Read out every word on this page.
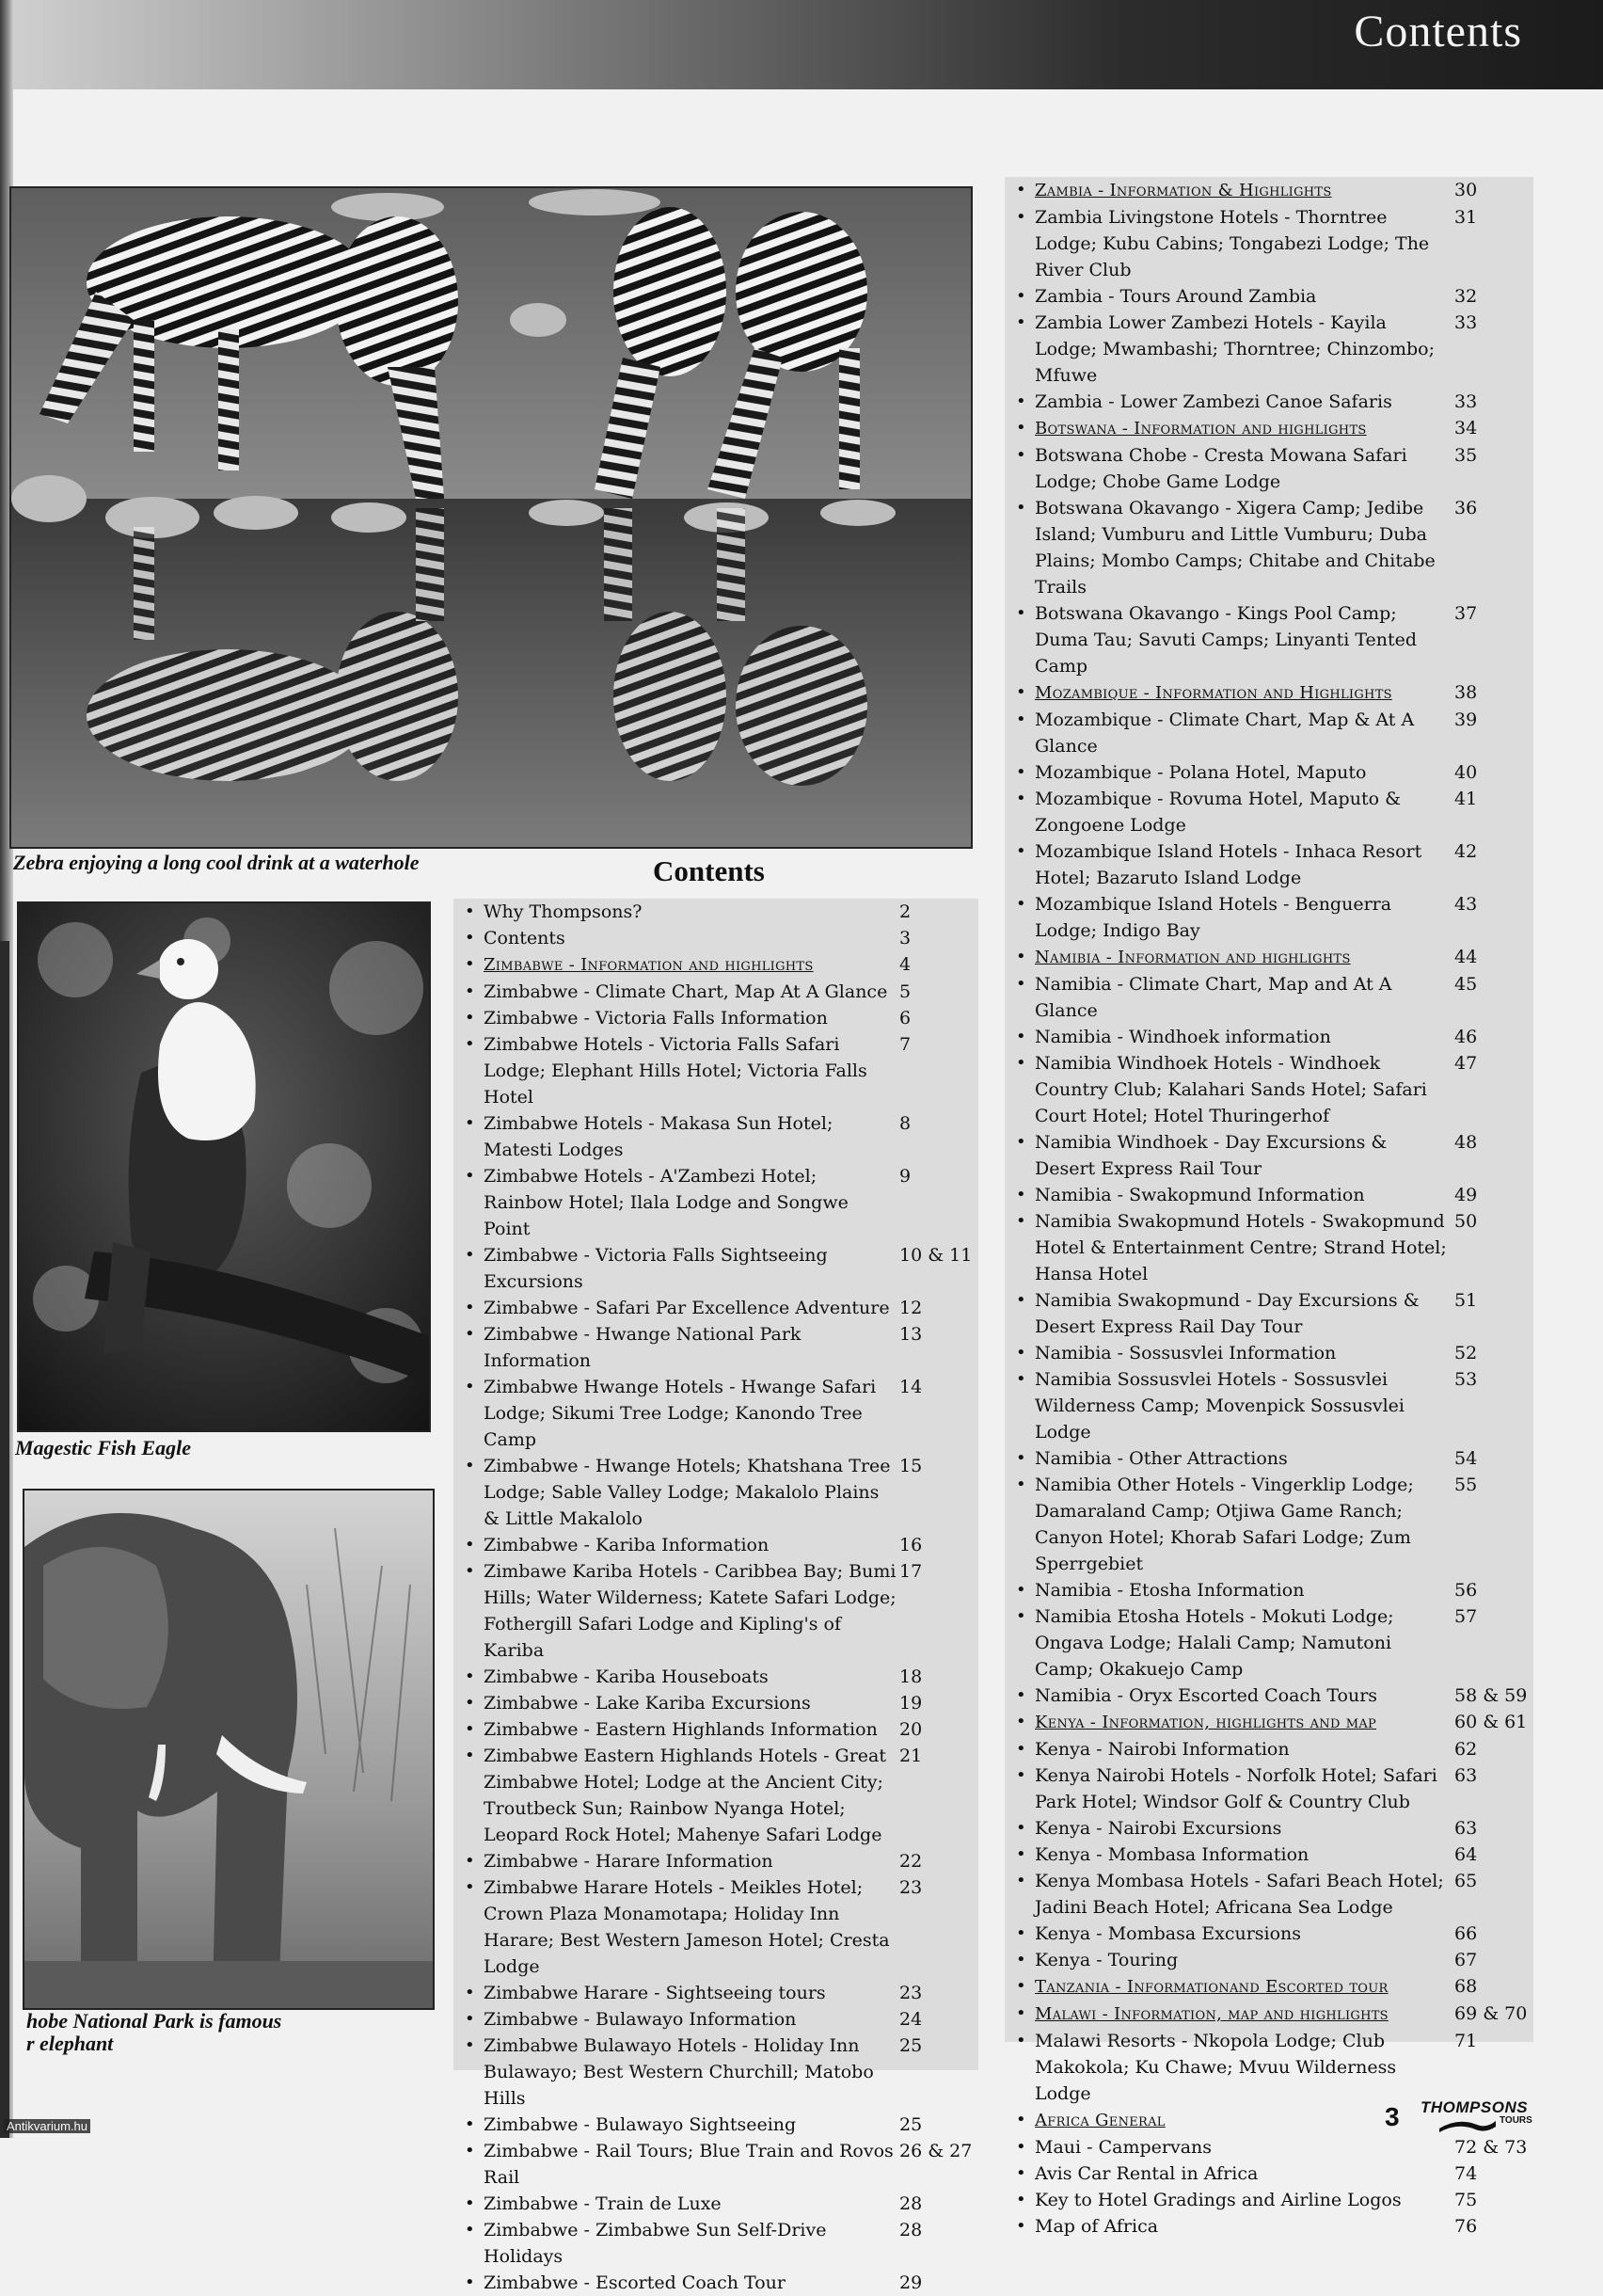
Contents
Zebra enjoying a long cool drink at a waterhole
Magestic Fish Eagle
hobe National Park is famous
r elephant
Contents
• Why Thompsons?	2
• Contents	3
• Zimbabwe - Information and highlights	4
• Zimbabwe - Climate Chart, Map At A Glance 5
• Zimbabwe - Victoria Falls Information	6
• Zimbabwe Hotels - Victoria Falls Safari Lodge; Elephant Hills Hotel; Victoria Falls Hotel
7
• Zimbabwe Hotels - Makasa Sun Hotel; Matesti Lodges
8
• Zimbabwe Hotels - A'Zambezi Hotel; Rainbow Hotel; Ilala Lodge and Songwe Point
9
• Zimbabwe - Victoria Falls Sightseeing Excursions
10 & 11
• Zimbabwe - Safari Par Excellence Adventure 12
• Zimbabwe - Hwange National Park Information
13
• Zimbabwe Hwange Hotels - Hwange Safari Lodge; Sikumi Tree Lodge; Kanondo Tree Camp
14
• Zimbabwe - Hwange Hotels; Khatshana Tree Lodge; Sable Valley Lodge; Makalolo Plains & Little Makalolo
15
• Zimbabwe - Kariba Information	16
• Zimbawe Kariba Hotels - Caribbea Bay; Bumi Hills; Water Wilderness; Katete Safari Lodge; Fothergill Safari Lodge and Kipling's of Kariba
17
• Zimbabwe - Kariba Houseboats	18
• Zimbabwe - Lake Kariba Excursions	19
• Zimbabwe - Eastern Highlands Information 20
• Zimbabwe Eastern Highlands Hotels - Great Zimbabwe Hotel; Lodge at the Ancient City; Troutbeck Sun; Rainbow Nyanga Hotel; Leopard Rock Hotel; Mahenye Safari Lodge
21
• Zimbabwe - Harare Information	22
• Zimbabwe Harare Hotels - Meikles Hotel; Crown Plaza Monamotapa; Holiday Inn Harare; Best Western Jameson Hotel; Cresta Lodge
23
• Zimbabwe Harare - Sightseeing tours	23
• Zimbabwe - Bulawayo Information	24
• Zimbabwe Bulawayo Hotels - Holiday Inn Bulawayo; Best Western Churchill; Matobo Hills
25
• Zimbabwe - Bulawayo Sightseeing	25
• Zimbabwe - Rail Tours; Blue Train and Rovos Rail
26 & 27
• Zimbabwe - Train de Luxe	28
• Zimbabwe - Zimbabwe Sun Self-Drive Holidays
28
• Zimbabwe - Escorted Coach Tour	29
• Zambia - Information & Highlights	30
• Zambia Livingstone Hotels - Thorntree Lodge; Kubu Cabins; Tongabezi Lodge; The River Club
31
• Zambia - Tours Around Zambia	32
• Zambia Lower Zambezi Hotels - Kayila Lodge; Mwambashi; Thorntree; Chinzombo; Mfuwe
33
• Zambia - Lower Zambezi Canoe Safaris	33
• Botswana - Information and highlights	34
• Botswana Chobe - Cresta Mowana Safari Lodge; Chobe Game Lodge
35
• Botswana Okavango - Xigera Camp; Jedibe Island; Vumburu and Little Vumburu; Duba Plains; Mombo Camps; Chitabe and Chitabe Trails
36
• Botswana Okavango - Kings Pool Camp; Duma Tau; Savuti Camps; Linyanti Tented Camp
37
• Mozambique - Information and Highlights	38
• Mozambique - Climate Chart, Map & At A Glance
39
• Mozambique - Polana Hotel, Maputo	40
• Mozambique - Rovuma Hotel, Maputo & Zongoene Lodge
41
• Mozambique Island Hotels - Inhaca Resort Hotel; Bazaruto Island Lodge
42
• Mozambique Island Hotels - Benguerra Lodge; Indigo Bay
43
• Namibia - Information and highlights	44
• Namibia - Climate Chart, Map and At A Glance
45
• Namibia - Windhoek information	46
• Namibia Windhoek Hotels - Windhoek Country Club; Kalahari Sands Hotel; Safari Court Hotel; Hotel Thuringerhof
47
• Namibia Windhoek - Day Excursions & Desert Express Rail Tour
48
• Namibia - Swakopmund Information	49
• Namibia Swakopmund Hotels - Swakopmund Hotel & Entertainment Centre; Strand Hotel; Hansa Hotel
50
• Namibia Swakopmund - Day Excursions & Desert Express Rail Day Tour
51
• Namibia - Sossusvlei Information	52
• Namibia Sossusvlei Hotels - Sossusvlei Wilderness Camp; Movenpick Sossusvlei Lodge
53
• Namibia - Other Attractions	54
• Namibia Other Hotels - Vingerklip Lodge; Damaraland Camp; Otjiwa Game Ranch; Canyon Hotel; Khorab Safari Lodge; Zum Sperrgebiet
55
• Namibia - Etosha Information	56
• Namibia Etosha Hotels - Mokuti Lodge; Ongava Lodge; Halali Camp; Namutoni Camp; Okakuejo Camp
57
• Namibia - Oryx Escorted Coach Tours	58 & 59
• Kenya - Information, highlights and map	60 & 61
• Kenya - Nairobi Information	62
• Kenya Nairobi Hotels - Norfolk Hotel; Safari Park Hotel; Windsor Golf & Country Club
63
• Kenya - Nairobi Excursions	63
• Kenya - Mombasa Information	64
• Kenya Mombasa Hotels - Safari Beach Hotel; Jadini Beach Hotel; Africana Sea Lodge
65
• Kenya - Mombasa Excursions	66
• Kenya - Touring	67
• Tanzania - Informationand Escorted tour	68
• Malawi - Information, map and highlights	69 & 70
• Malawi Resorts - Nkopola Lodge; Club Makokola; Ku Chawe; Mvuu Wilderness Lodge
71
• Africa General
• Maui - Campervans	72 & 73
• Avis Car Rental in Africa	74
• Key to Hotel Gradings and Airline Logos	75
• Map of Africa	76
3 THOMPSONS
TOURS
Antikvarium.hu
